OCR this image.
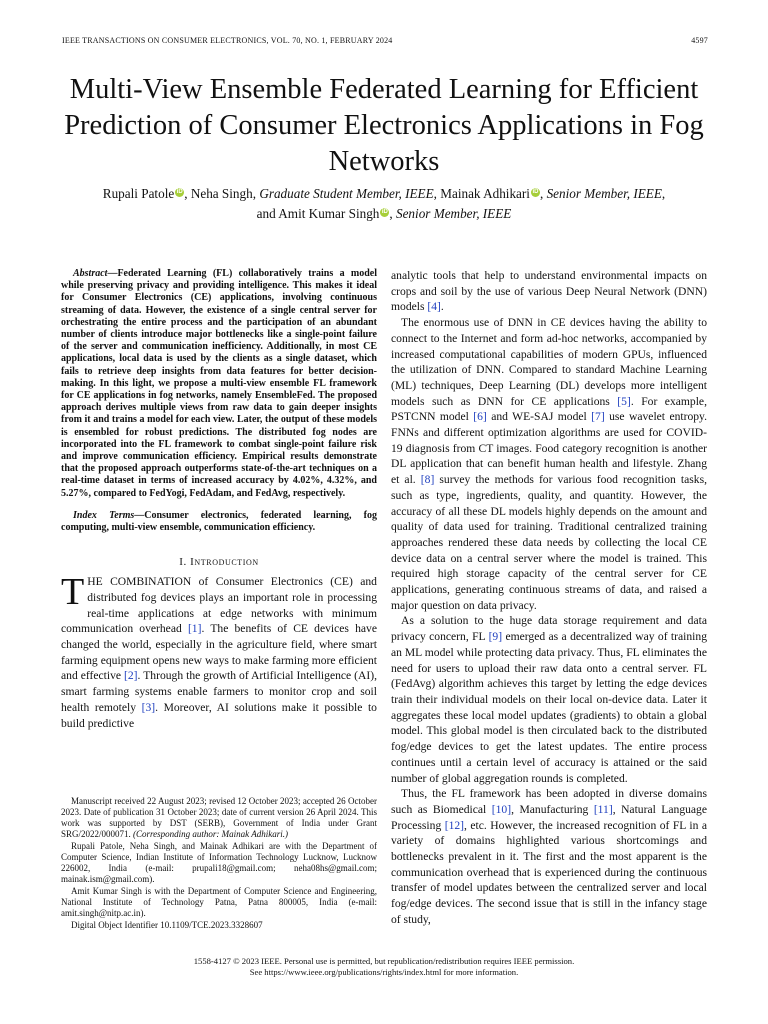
IEEE TRANSACTIONS ON CONSUMER ELECTRONICS, VOL. 70, NO. 1, FEBRUARY 2024	4597
Multi-View Ensemble Federated Learning for Efficient Prediction of Consumer Electronics Applications in Fog Networks
Rupali Patole iD , Neha Singh, Graduate Student Member, IEEE, Mainak Adhikari iD , Senior Member, IEEE,
and Amit Kumar Singh iD , Senior Member, IEEE

Abstract—Federated Learning (FL) collaboratively trains a model while preserving privacy and providing intelligence. This makes it ideal for Consumer Electronics (CE) applications, involving continuous streaming of data. However, the existence of a single central server for orchestrating the entire process and the participation of an abundant number of clients introduce major bottlenecks like a single-point failure of the server and communication inefficiency. Additionally, in most CE applications, local data is used by the clients as a single dataset, which fails to retrieve deep insights from data features for better decision-making. In this light, we propose a multi-view ensemble FL framework for CE applications in fog networks, namely EnsembleFed. The proposed approach derives multiple views from raw data to gain deeper insights from it and trains a model for each view. Later, the output of these models is ensembled for robust predictions. The distributed fog nodes are incorporated into the FL framework to combat single-point failure risk and improve communication efficiency. Empirical results demonstrate that the proposed approach outperforms state-of-the-art techniques on a real-time dataset in terms of increased accuracy by 4.02%, 4.32%, and 5.27%, compared to FedYogi, FedAdam, and FedAvg, respectively.

Index Terms—Consumer electronics, federated learning, fog computing, multi-view ensemble, communication efficiency.

I. Introduction

THE COMBINATION of Consumer Electronics (CE) and distributed fog devices plays an important role in processing real-time applications at edge networks with minimum communication overhead [1]. The benefits of CE devices have changed the world, especially in the agriculture field, where smart farming equipment opens new ways to make farming more efficient and effective [2]. Through the growth of Artificial Intelligence (AI), smart farming systems enable farmers to monitor crop and soil health remotely [3]. Moreover, AI solutions make it possible to build predictive

Manuscript received 22 August 2023; revised 12 October 2023; accepted 26 October 2023. Date of publication 31 October 2023; date of current version 26 April 2024. This work was supported by DST (SERB), Government of India under Grant SRG/2022/000071. (Corresponding author: Mainak Adhikari.)

Rupali Patole, Neha Singh, and Mainak Adhikari are with the Department of Computer Science, Indian Institute of Information Technology Lucknow, Lucknow 226002, India (e-mail: prupali18@gmail.com; neha08hs@gmail.com; mainak.ism@gmail.com).

Amit Kumar Singh is with the Department of Computer Science and Engineering, National Institute of Technology Patna, Patna 800005, India (e-mail: amit.singh@nitp.ac.in).

Digital Object Identifier 10.1109/TCE.2023.3328607

analytic tools that help to understand environmental impacts on crops and soil by the use of various Deep Neural Network (DNN) models [4].

The enormous use of DNN in CE devices having the ability to connect to the Internet and form ad-hoc networks, accompanied by increased computational capabilities of modern GPUs, influenced the utilization of DNN. Compared to standard Machine Learning (ML) techniques, Deep Learning (DL) develops more intelligent models such as DNN for CE applications [5]. For example, PSTCNN model [6] and WE-SAJ model [7] use wavelet entropy. FNNs and different optimization algorithms are used for COVID-19 diagnosis from CT images. Food category recognition is another DL application that can benefit human health and lifestyle. Zhang et al. [8] survey the methods for various food recognition tasks, such as type, ingredients, quality, and quantity. However, the accuracy of all these DL models highly depends on the amount and quality of data used for training. Traditional centralized training approaches rendered these data needs by collecting the local CE device data on a central server where the model is trained. This required high storage capacity of the central server for CE applications, generating continuous streams of data, and raised a major question on data privacy.

As a solution to the huge data storage requirement and data privacy concern, FL [9] emerged as a decentralized way of training an ML model while protecting data privacy. Thus, FL eliminates the need for users to upload their raw data onto a central server. FL (FedAvg) algorithm achieves this target by letting the edge devices train their individual models on their local on-device data. Later it aggregates these local model updates (gradients) to obtain a global model. This global model is then circulated back to the distributed fog/edge devices to get the latest updates. The entire process continues until a certain level of accuracy is attained or the said number of global aggregation rounds is completed.

Thus, the FL framework has been adopted in diverse domains such as Biomedical [10], Manufacturing [11], Natural Language Processing [12], etc. However, the increased recognition of FL in a variety of domains highlighted various shortcomings and bottlenecks prevalent in it. The first and the most apparent is the communication overhead that is experienced during the continuous transfer of model updates between the centralized server and local fog/edge devices. The second issue that is still in the infancy stage of study,

1558-4127 © 2023 IEEE. Personal use is permitted, but republication/redistribution requires IEEE permission.
See https://www.ieee.org/publications/rights/index.html for more information.
